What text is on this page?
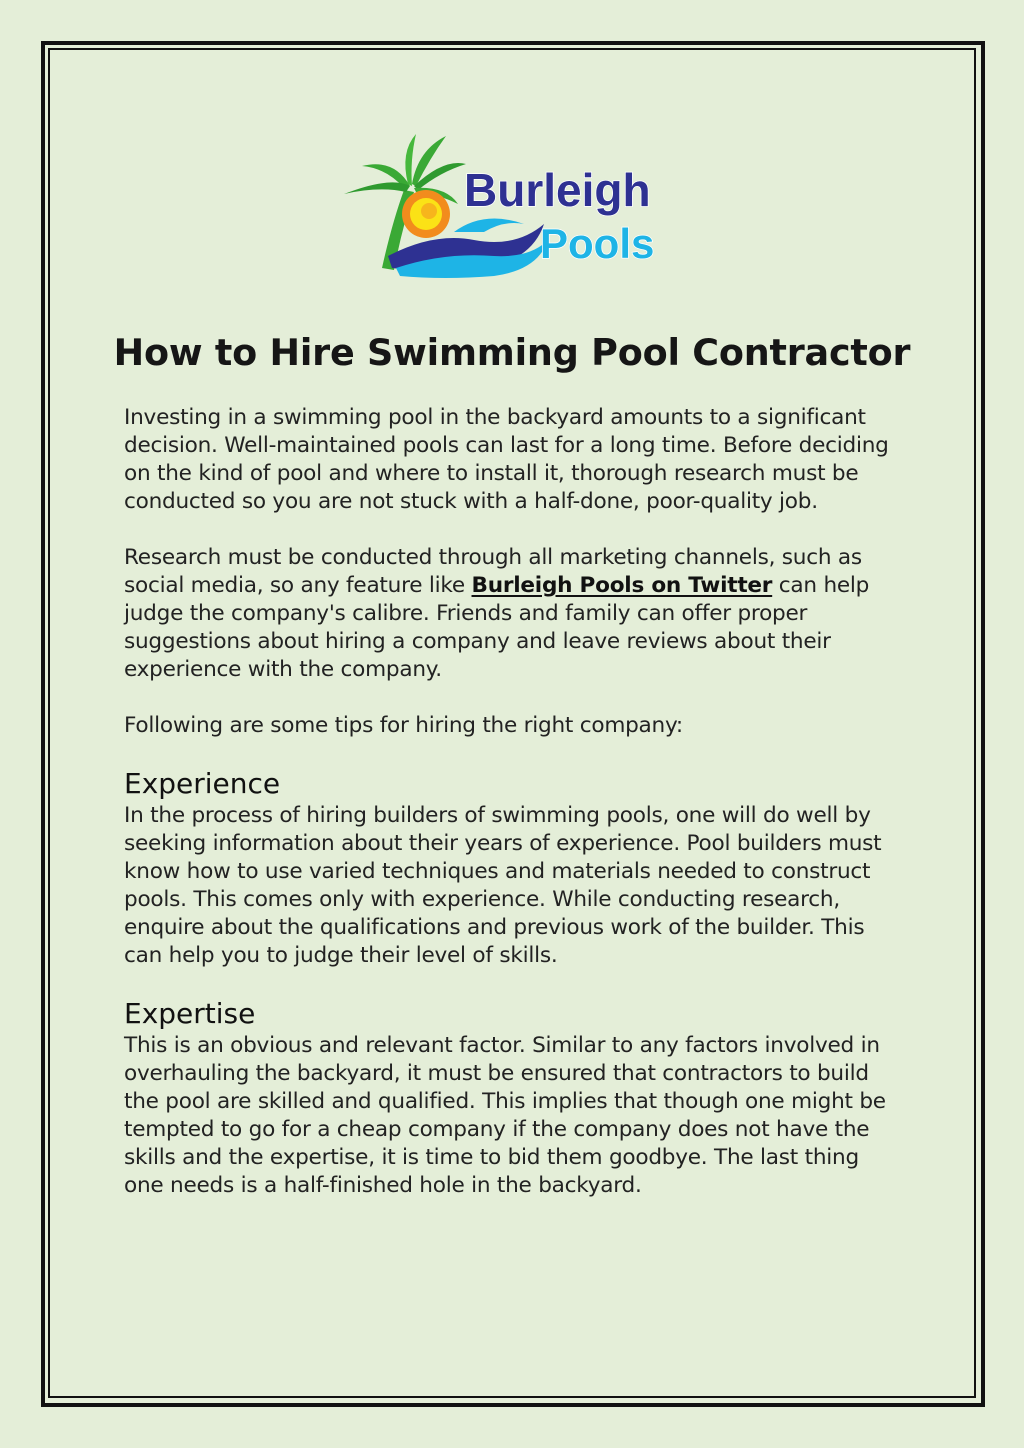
Burleigh
Pools
How to Hire Swimming Pool Contractor

Investing in a swimming pool in the backyard amounts to a significant decision. Well-maintained pools can last for a long time. Before deciding on the kind of pool and where to install it, thorough research must be conducted so you are not stuck with a half-done, poor-quality job.

Research must be conducted through all marketing channels, such as social media, so any feature like Burleigh Pools on Twitter can help judge the company's calibre. Friends and family can offer proper suggestions about hiring a company and leave reviews about their experience with the company.

Following are some tips for hiring the right company:

Experience

In the process of hiring builders of swimming pools, one will do well by seeking information about their years of experience. Pool builders must know how to use varied techniques and materials needed to construct pools. This comes only with experience. While conducting research, enquire about the qualifications and previous work of the builder. This can help you to judge their level of skills.

Expertise

This is an obvious and relevant factor. Similar to any factors involved in overhauling the backyard, it must be ensured that contractors to build the pool are skilled and qualified. This implies that though one might be tempted to go for a cheap company if the company does not have the skills and the expertise, it is time to bid them goodbye. The last thing one needs is a half-finished hole in the backyard.
